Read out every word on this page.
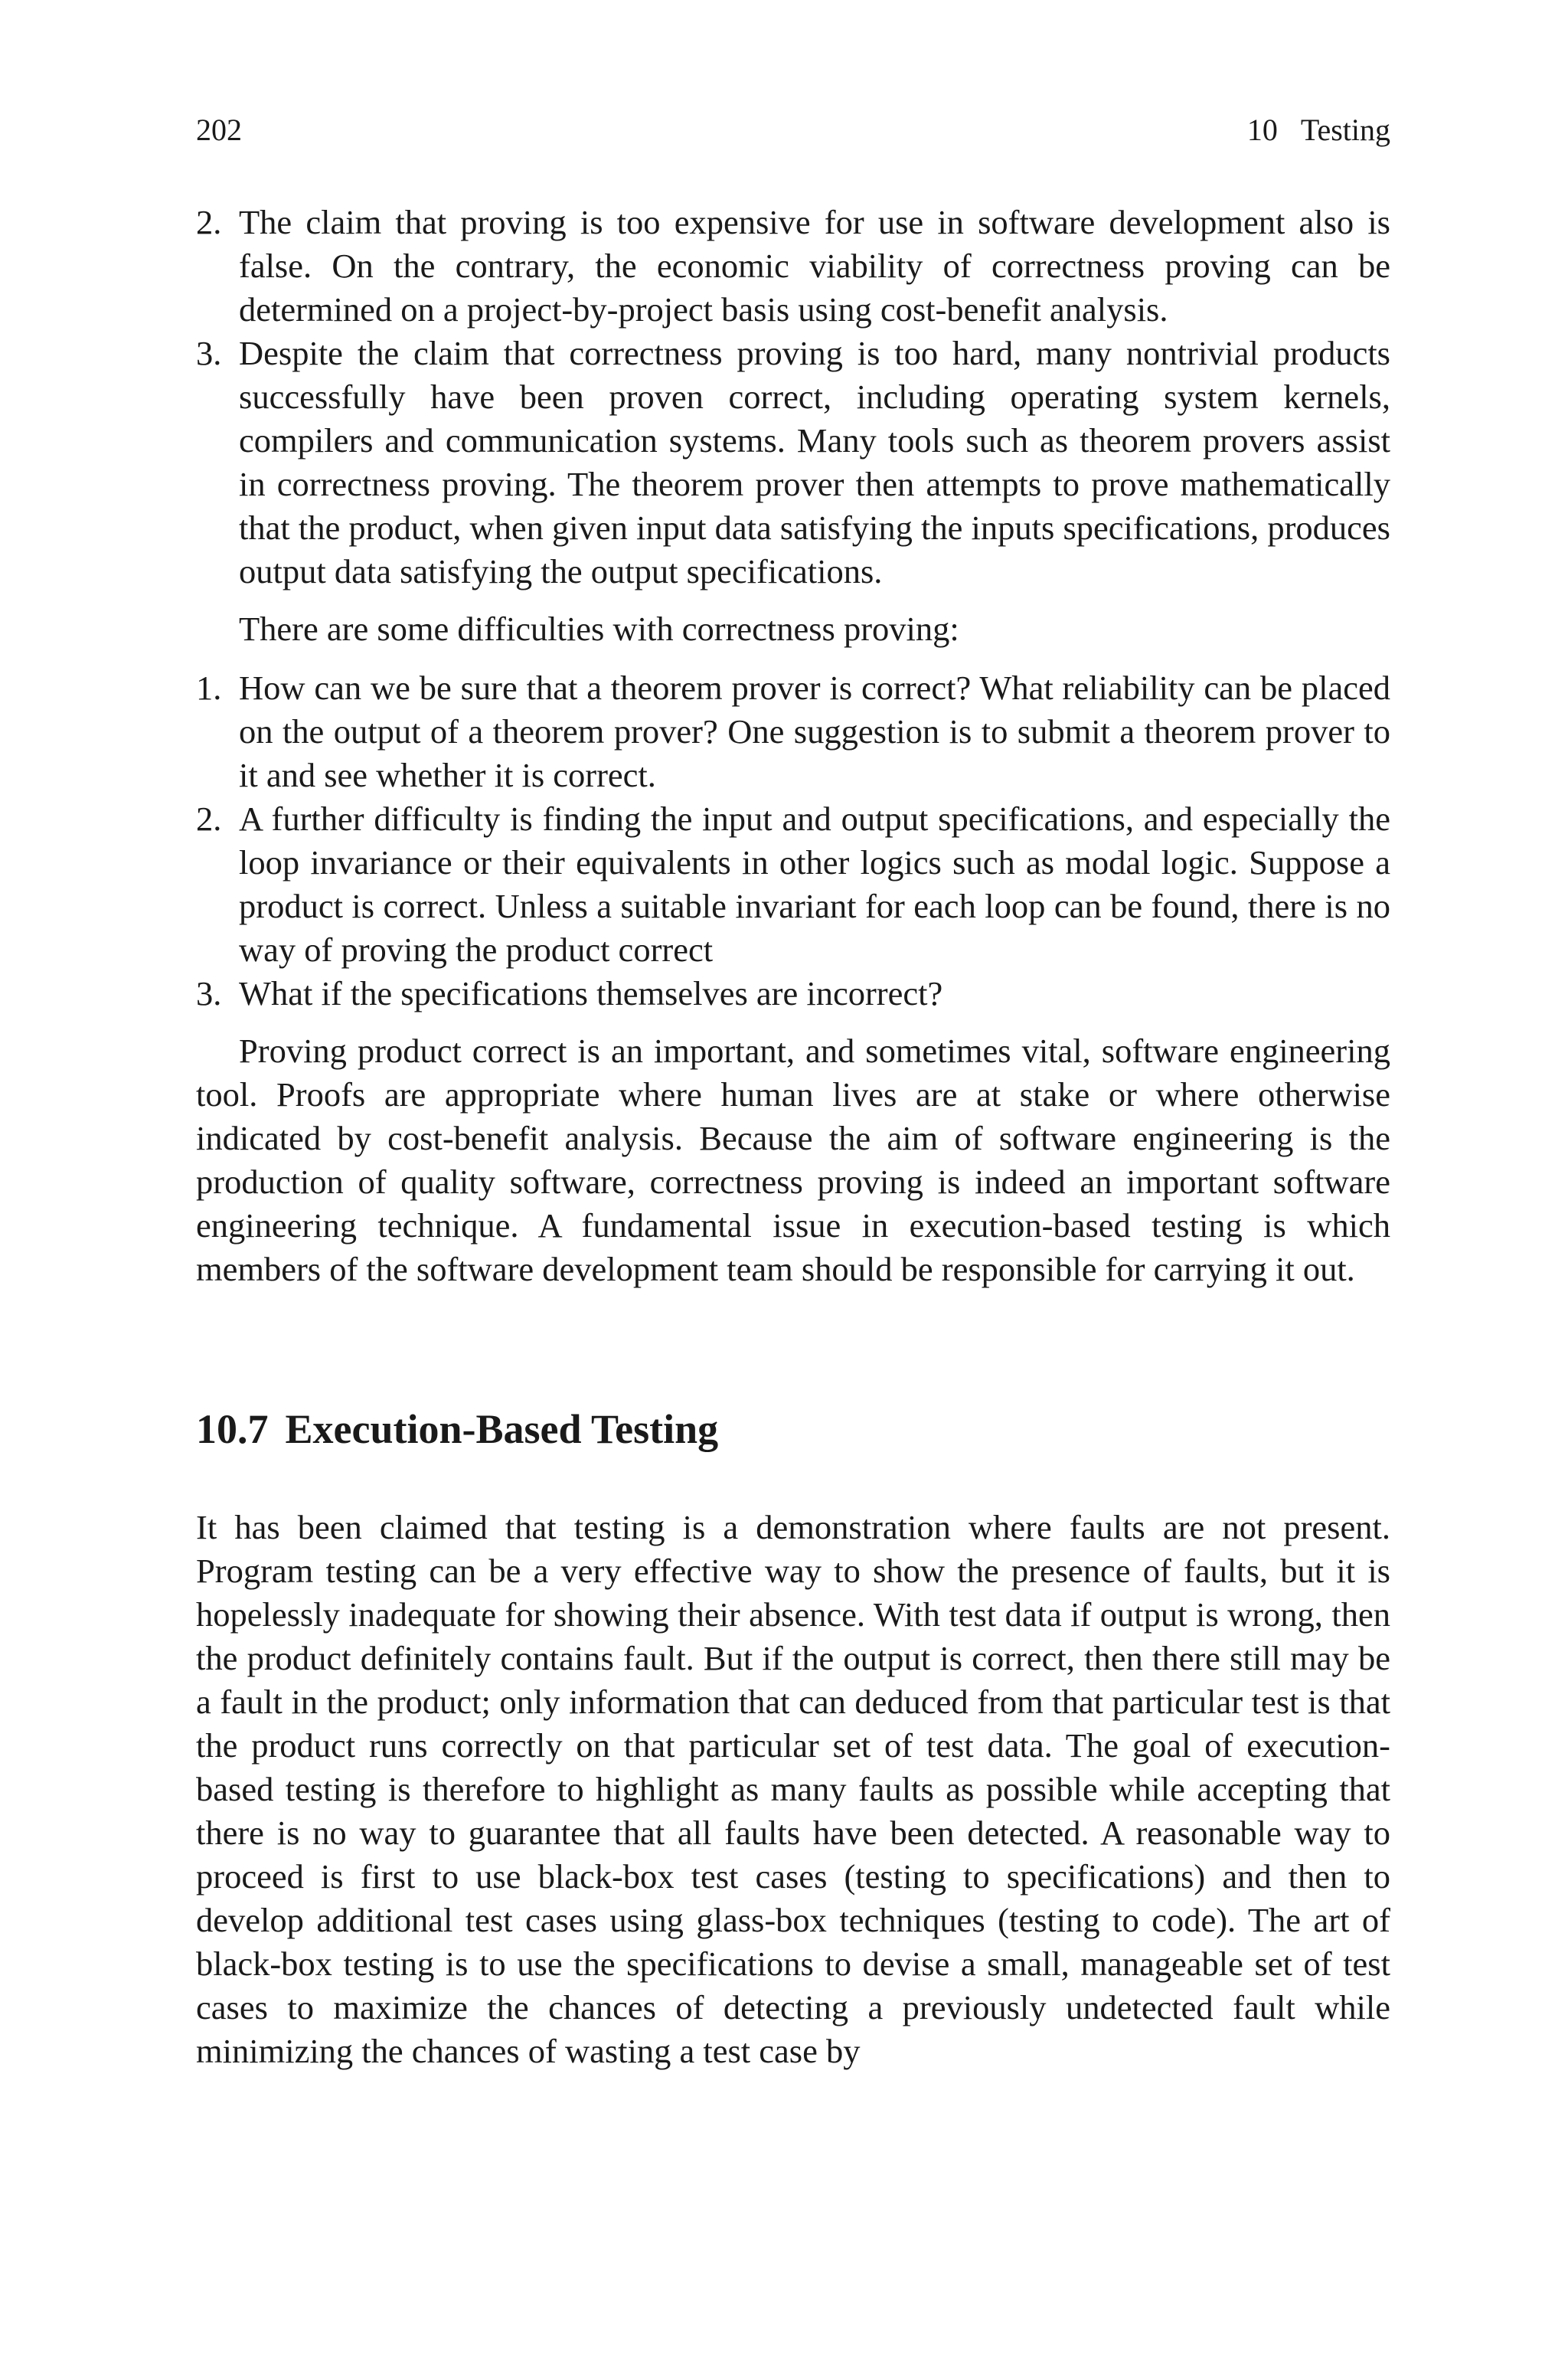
202	10 Testing
2. The claim that proving is too expensive for use in software development also is false. On the contrary, the economic viability of correctness proving can be determined on a project-by-project basis using cost-benefit analysis.
3. Despite the claim that correctness proving is too hard, many nontrivial products successfully have been proven correct, including operating system kernels, compilers and communication systems. Many tools such as theorem provers assist in correctness proving. The theorem prover then attempts to prove mathematically that the product, when given input data satisfying the inputs specifications, produces output data satisfying the output specifications.

There are some difficulties with correctness proving:

1. How can we be sure that a theorem prover is correct? What reliability can be placed on the output of a theorem prover? One suggestion is to submit a theorem prover to it and see whether it is correct.
2. A further difficulty is finding the input and output specifications, and especially the loop invariance or their equivalents in other logics such as modal logic. Suppose a product is correct. Unless a suitable invariant for each loop can be found, there is no way of proving the product correct
3. What if the specifications themselves are incorrect?

Proving product correct is an important, and sometimes vital, software engineering tool. Proofs are appropriate where human lives are at stake or where otherwise indicated by cost-benefit analysis. Because the aim of software engineering is the production of quality software, correctness proving is indeed an important software engineering technique. A fundamental issue in execution-based testing is which members of the software development team should be responsible for carrying it out.

10.7 Execution-Based Testing

It has been claimed that testing is a demonstration where faults are not present. Program testing can be a very effective way to show the presence of faults, but it is hopelessly inadequate for showing their absence. With test data if output is wrong, then the product definitely contains fault. But if the output is correct, then there still may be a fault in the product; only information that can deduced from that particular test is that the product runs correctly on that particular set of test data. The goal of execution-based testing is therefore to highlight as many faults as possible while accepting that there is no way to guarantee that all faults have been detected. A reasonable way to proceed is first to use black-box test cases (testing to specifications) and then to develop additional test cases using glass-box techniques (testing to code). The art of black-box testing is to use the specifications to devise a small, manageable set of test cases to maximize the chances of detecting a previously undetected fault while minimizing the chances of wasting a test case by
